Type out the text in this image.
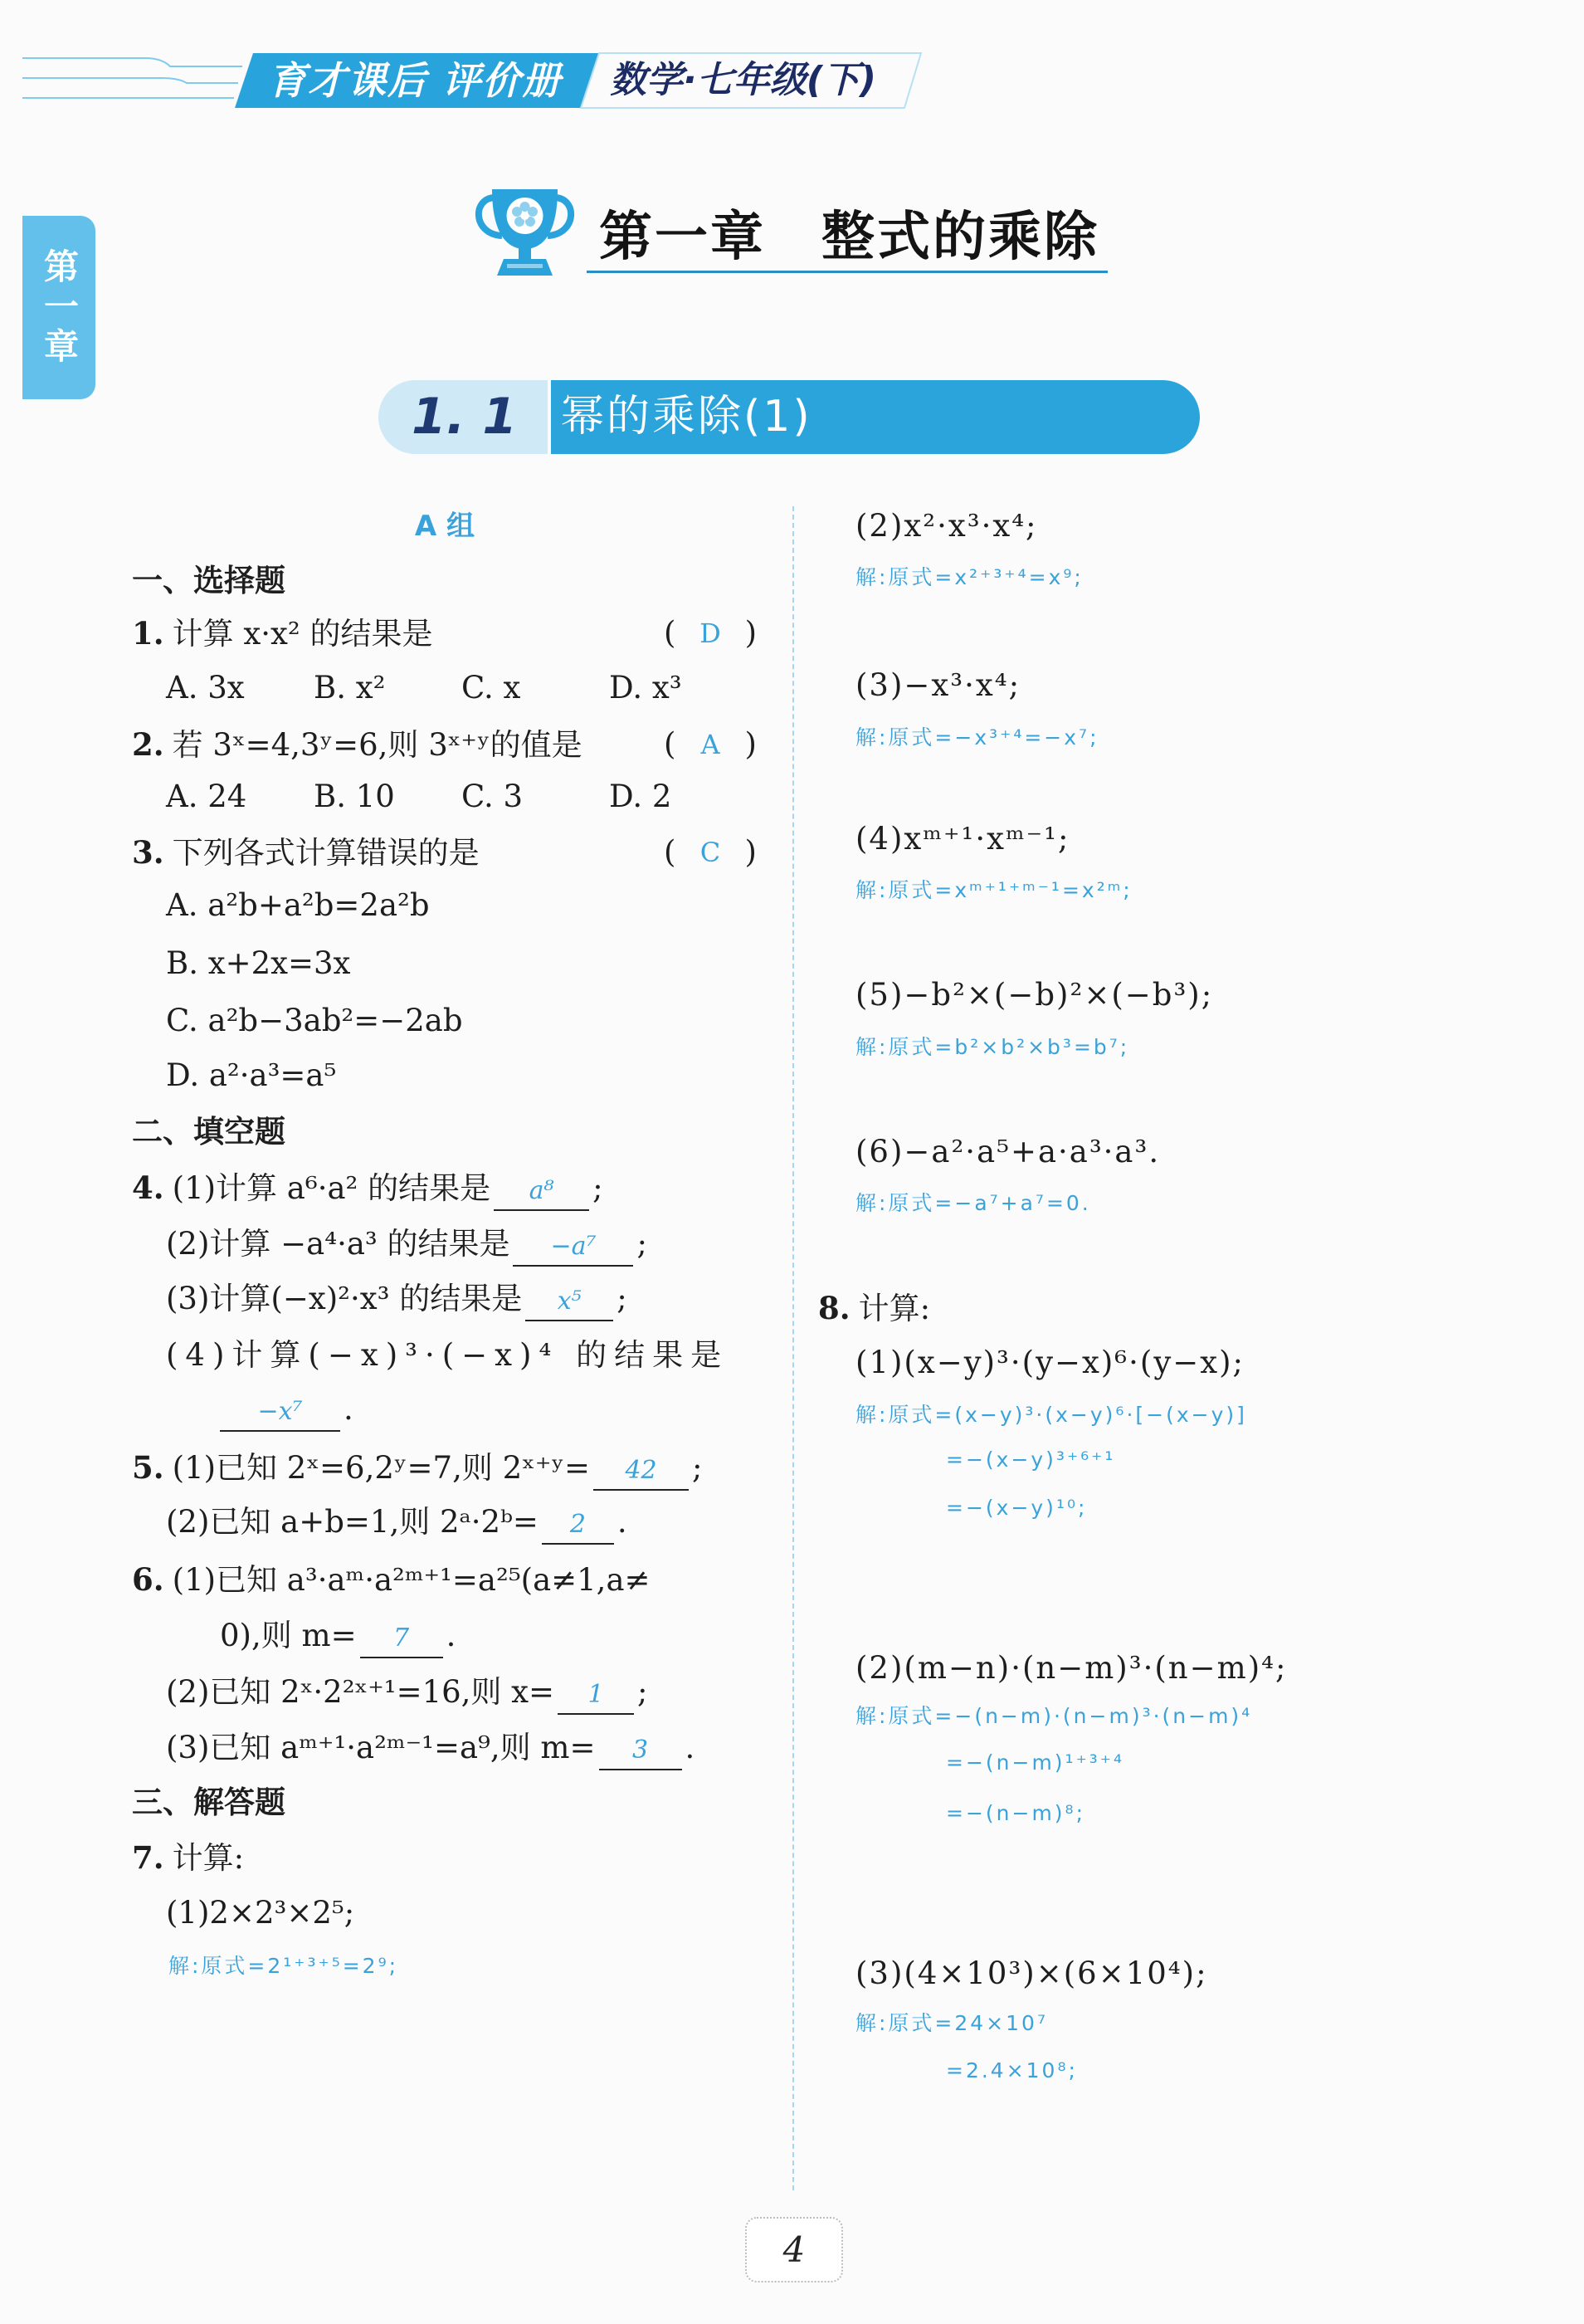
育才课后 评价册	数学·七年级(下)
第一章
第一章　整式的乘除
1. 1 幂的乘除(1)
A 组
一、选择题
1. 计算 x·x² 的结果是	( D )
A. 3x	B. x²	C. x	D. x³
2. 若 3ˣ=4,3ʸ=6,则 3ˣ⁺ʸ的值是	( A )
A. 24	B. 10	C. 3	D. 2
3. 下列各式计算错误的是	( C )
A. a²b+a²b=2a²b
B. x+2x=3x
C. a²b−3ab²=−2ab
D. a²·a³=a⁵
二、填空题
4. (1)计算 a⁶·a² 的结果是 a⁸ ;
(2)计算 −a⁴·a³ 的结果是 −a⁷ ;
(3)计算(−x)²·x³ 的结果是 x⁵ ;
(4)计算(−x)³·(−x)⁴ 的结果是
−x⁷ .
5. (1)已知 2ˣ=6,2ʸ=7,则 2ˣ⁺ʸ= 42 ;
(2)已知 a+b=1,则 2ᵃ·2ᵇ= 2 .
6. (1)已知 a³·aᵐ·a²ᵐ⁺¹=a²⁵(a≠1,a≠
0),则 m= 7 .
(2)已知 2ˣ·2²ˣ⁺¹=16,则 x= 1 ;
(3)已知 aᵐ⁺¹·a²ᵐ⁻¹=a⁹,则 m= 3 .
三、解答题
7. 计算:
(1)2×2³×2⁵;
解:原式=2¹⁺³⁺⁵=2⁹;
(2)x²·x³·x⁴;
解:原式=x²⁺³⁺⁴=x⁹;
(3)−x³·x⁴;
解:原式=−x³⁺⁴=−x⁷;
(4)xᵐ⁺¹·xᵐ⁻¹;
解:原式=xᵐ⁺¹⁺ᵐ⁻¹=x²ᵐ;
(5)−b²×(−b)²×(−b³);
解:原式=b²×b²×b³=b⁷;
(6)−a²·a⁵+a·a³·a³.
解:原式=−a⁷+a⁷=0.
8. 计算:
(1)(x−y)³·(y−x)⁶·(y−x);
解:原式=(x−y)³·(x−y)⁶·[−(x−y)]
=−(x−y)³⁺⁶⁺¹
=−(x−y)¹⁰;
(2)(m−n)·(n−m)³·(n−m)⁴;
解:原式=−(n−m)·(n−m)³·(n−m)⁴
=−(n−m)¹⁺³⁺⁴
=−(n−m)⁸;
(3)(4×10³)×(6×10⁴);
解:原式=24×10⁷
=2.4×10⁸;
4
